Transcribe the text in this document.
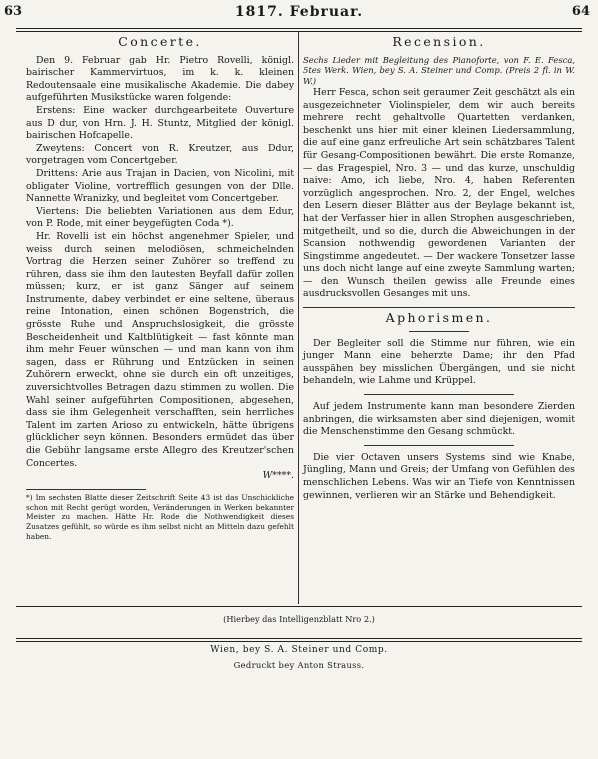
63	1817. Februar.	64
Concerte.

Den 9. Februar gab Hr. Pietro Rovelli, königl. bairischer Kammervirtuos, im k. k. kleinen Redoutensaale eine musikalische Akademie. Die dabey aufgeführten Musikstücke waren folgende:

Erstens: Eine wacker durchgearbeitete Ouverture aus D dur, von Hrn. J. H. Stuntz, Mitglied der königl. bairischen Hofcapelle.

Zweytens: Concert von R. Kreutzer, aus Ddur, vorgetragen vom Concertgeber.

Drittens: Arie aus Trajan in Dacien, von Nicolini, mit obligater Violine, vortrefflich gesungen von der Dlle. Nannette Wranizky, und begleitet vom Concertgeber.

Viertens: Die beliebten Variationen aus dem Edur, von P. Rode, mit einer beygefügten Coda *).

Hr. Rovelli ist ein höchst angenehmer Spieler, und weiss durch seinen melodiösen, schmeichelnden Vortrag die Herzen seiner Zuhörer so treffend zu rühren, dass sie ihm den lautesten Beyfall dafür zollen müssen; kurz, er ist ganz Sänger auf seinem Instrumente, dabey verbindet er eine seltene, überaus reine Intonation, einen schönen Bogenstrich, die grösste Ruhe und Anspruchslosigkeit, die grösste Bescheidenheit und Kaltblütigkeit — fast könnte man ihm mehr Feuer wünschen — und man kann von ihm sagen, dass er Rührung und Entzücken in seinen Zuhörern erweckt, ohne sie durch ein oft unzeitiges, zuversichtvolles Betragen dazu stimmen zu wollen. Die Wahl seiner aufgeführten Compositionen, abgesehen, dass sie ihm Gelegenheit verschafften, sein herrliches Talent im zarten Arioso zu entwickeln, hätte übrigens glücklicher seyn können. Besonders ermüdet das über die Gebühr langsame erste Allegro des Kreutzer'schen Concertes.

W****.

*) Im sechsten Blatte dieser Zeitschrift Seite 43 ist das Unschickliche schon mit Recht gerügt worden, Veränderungen in Werken bekannter Meister zu machen. Hätte Hr. Rode die Nothwendigkeit dieses Zusatzes gefühlt, so würde es ihm selbst nicht an Mitteln dazu gefehlt haben.

Recension.

Sechs Lieder mit Begleitung des Pianoforte, von F. E. Fesca, 5tes Werk. Wien, bey S. A. Steiner und Comp. (Preis 2 fl. in W. W.)

Herr Fesca, schon seit geraumer Zeit geschätzt als ein ausgezeichneter Violinspieler, dem wir auch bereits mehrere recht gehaltvolle Quartetten verdanken, beschenkt uns hier mit einer kleinen Liedersammlung, die auf eine ganz erfreuliche Art sein schätzbares Talent für Gesang-Compositionen bewährt. Die erste Romanze, — das Fragespiel, Nro. 3 — und das kurze, unschuldig naive: Amo, ich liebe, Nro. 4, haben Referenten vorzüglich angesprochen. Nro. 2, der Engel, welches den Lesern dieser Blätter aus der Beylage bekannt ist, hat der Verfasser hier in allen Strophen ausgeschrieben, mitgetheilt, und so die, durch die Abweichungen in der Scansion nothwendig gewordenen Varianten der Singstimme angedeutet. — Der wackere Tonsetzer lasse uns doch nicht lange auf eine zweyte Sammlung warten; — den Wunsch theilen gewiss alle Freunde eines ausdrucksvollen Gesanges mit uns.

Aphorismen.

Der Begleiter soll die Stimme nur führen, wie ein junger Mann eine beherzte Dame; ihr den Pfad ausspähen bey misslichen Übergängen, und sie nicht behandeln, wie Lahme und Krüppel.

Auf jedem Instrumente kann man besondere Zierden anbringen, die wirksamsten aber sind diejenigen, womit die Menschenstimme den Gesang schmückt.

Die vier Octaven unsers Systems sind wie Knabe, Jüngling, Mann und Greis; der Umfang von Gefühlen des menschlichen Lebens. Was wir an Tiefe von Kenntnissen gewinnen, verlieren wir an Stärke und Behendigkeit.

(Hierbey das Intelligenzblatt Nro 2.)
Wien, bey S. A. Steiner und Comp.
Gedruckt bey Anton Strauss.
